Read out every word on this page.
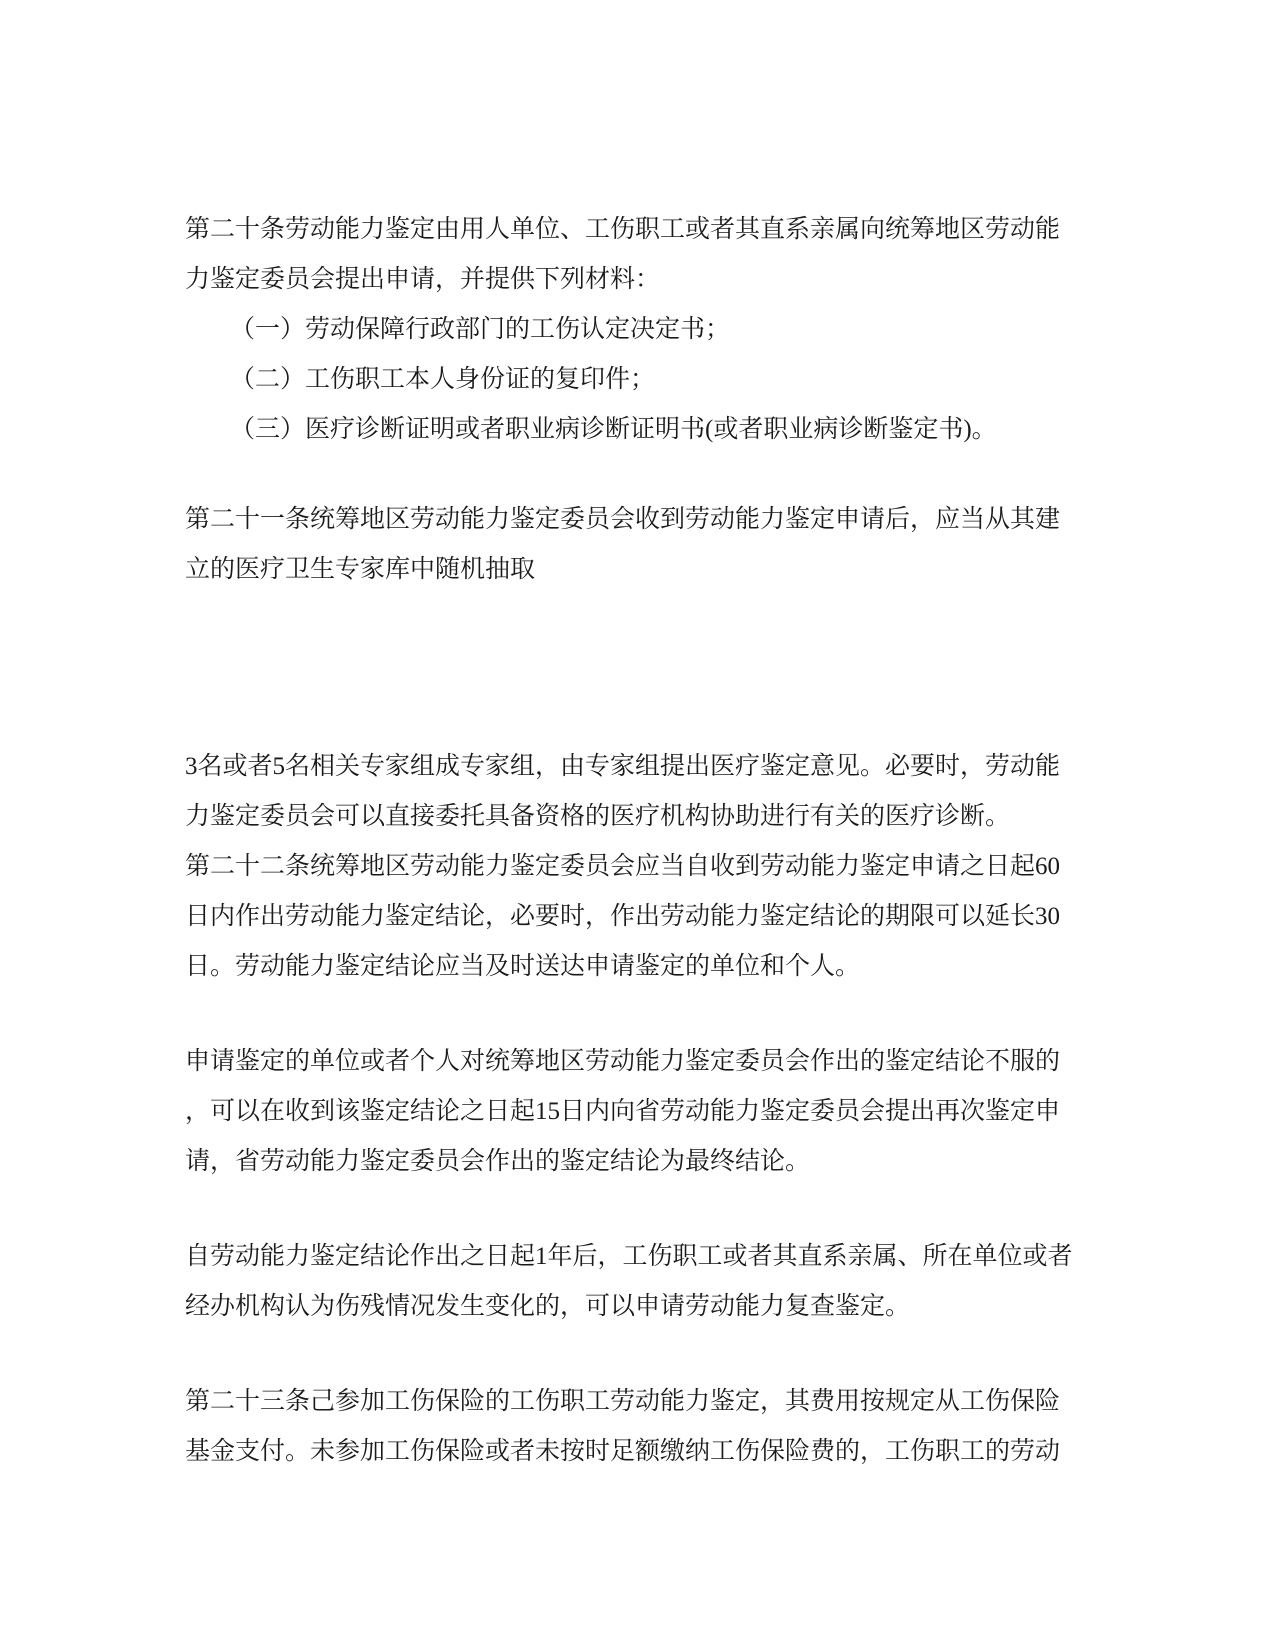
第二十条劳动能力鉴定由用人单位、工伤职工或者其直系亲属向统筹地区劳动能力鉴定委员会提出申请，并提供下列材料：

（一）劳动保障行政部门的工伤认定决定书；

（二）工伤职工本人身份证的复印件；

（三）医疗诊断证明或者职业病诊断证明书(或者职业病诊断鉴定书)。

第二十一条统筹地区劳动能力鉴定委员会收到劳动能力鉴定申请后，应当从其建立的医疗卫生专家库中随机抽取

3名或者5名相关专家组成专家组，由专家组提出医疗鉴定意见。必要时，劳动能力鉴定委员会可以直接委托具备资格的医疗机构协助进行有关的医疗诊断。

第二十二条统筹地区劳动能力鉴定委员会应当自收到劳动能力鉴定申请之日起60日内作出劳动能力鉴定结论，必要时，作出劳动能力鉴定结论的期限可以延长30日。劳动能力鉴定结论应当及时送达申请鉴定的单位和个人。

申请鉴定的单位或者个人对统筹地区劳动能力鉴定委员会作出的鉴定结论不服的，可以在收到该鉴定结论之日起15日内向省劳动能力鉴定委员会提出再次鉴定申请，省劳动能力鉴定委员会作出的鉴定结论为最终结论。

自劳动能力鉴定结论作出之日起1年后，工伤职工或者其直系亲属、所在单位或者经办机构认为伤残情况发生变化的，可以申请劳动能力复查鉴定。

第二十三条己参加工伤保险的工伤职工劳动能力鉴定，其费用按规定从工伤保险基金支付。未参加工伤保险或者未按时足额缴纳工伤保险费的，工伤职工的劳动
